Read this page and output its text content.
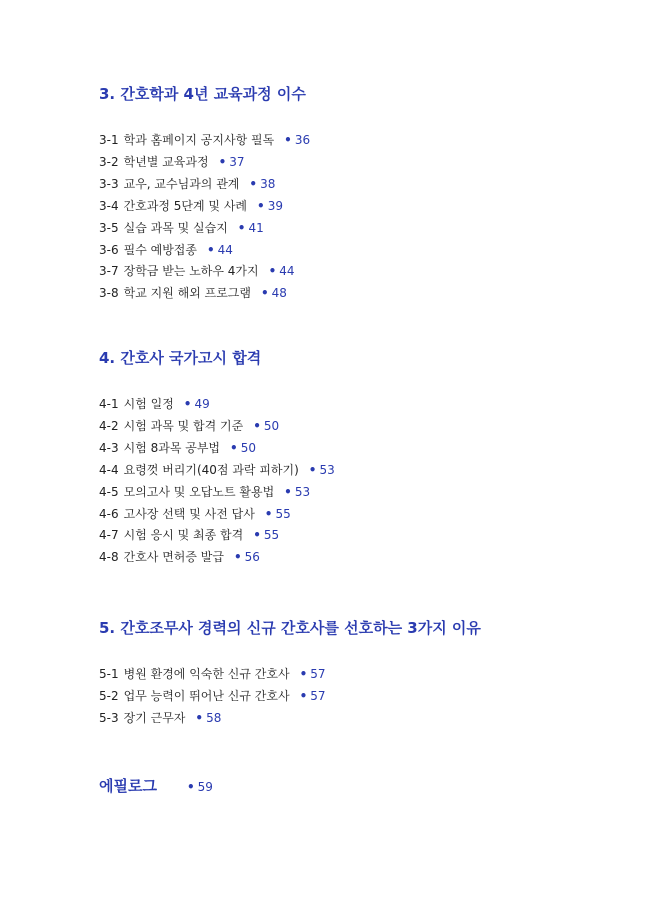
3. 간호학과 4년 교육과정 이수
3-1 학과 홈페이지 공지사항 필독 • 36
3-2 학년별 교육과정 • 37
3-3 교우, 교수님과의 관계 • 38
3-4 간호과정 5단계 및 사례 • 39
3-5 실습 과목 및 실습지 • 41
3-6 필수 예방접종 • 44
3-7 장학금 받는 노하우 4가지 • 44
3-8 학교 지원 해외 프로그램 • 48
4. 간호사 국가고시 합격
4-1 시험 일정 • 49
4-2 시험 과목 및 합격 기준 • 50
4-3 시험 8과목 공부법 • 50
4-4 요령껏 버리기(40점 과락 피하기) • 53
4-5 모의고사 및 오답노트 활용법 • 53
4-6 고사장 선택 및 사전 답사 • 55
4-7 시험 응시 및 최종 합격 • 55
4-8 간호사 면허증 발급 • 56
5. 간호조무사 경력의 신규 간호사를 선호하는 3가지 이유
5-1 병원 환경에 익숙한 신규 간호사 • 57
5-2 업무 능력이 뛰어난 신규 간호사 • 57
5-3 장기 근무자 • 58
에필로그	• 59
